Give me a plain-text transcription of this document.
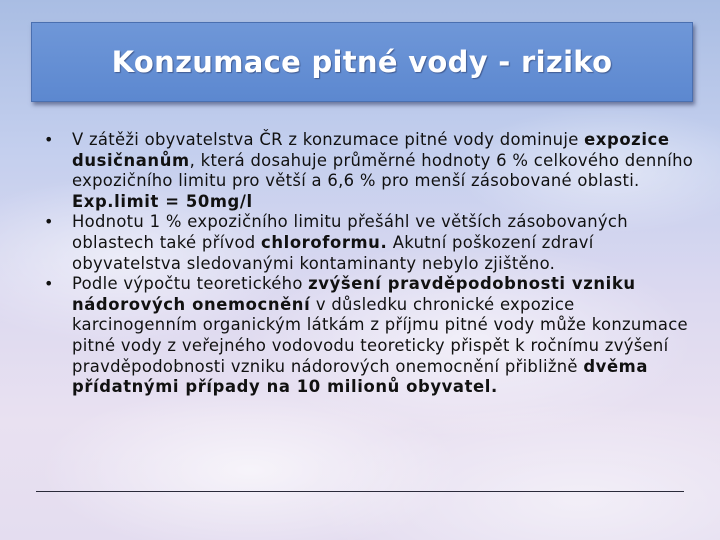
Konzumace pitné vody - riziko
•	V zátěži obyvatelstva ČR z konzumace pitné vody dominuje expozice dusičnanům, která dosahuje průměrné hodnoty 6 % celkového denního expozičního limitu pro větší a 6,6 % pro menší zásobované oblasti. Exp.limit = 50mg/l
•	Hodnotu 1 % expozičního limitu přešáhl ve větších zásobovaných oblastech také přívod chloroformu. Akutní poškození zdraví obyvatelstva sledovanými kontaminanty nebylo zjištěno.
•	Podle výpočtu teoretického zvýšení pravděpodobnosti vzniku nádorových onemocnění v důsledku chronické expozice karcinogenním organickým látkám z příjmu pitné vody může konzumace pitné vody z veřejného vodovodu teoreticky přispět k ročnímu zvýšení pravděpodobnosti vzniku nádorových onemocnění přibližně dvěma přídatnými případy na 10 milionů obyvatel.
